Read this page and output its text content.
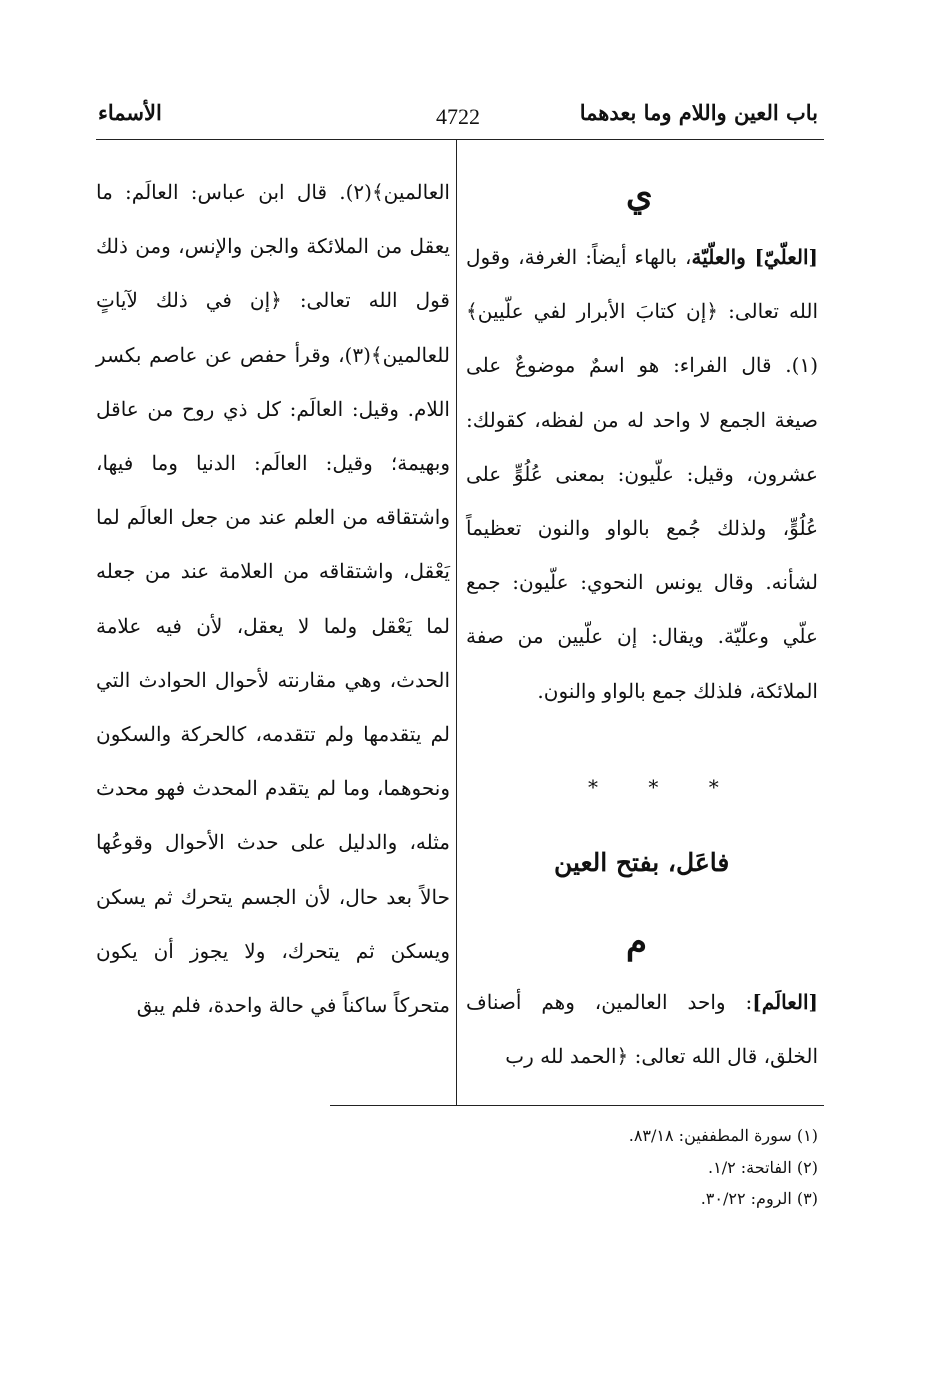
باب العين واللام وما بعدهما
4722
الأسماء
ي

[العلّيّ] والعلّيّة، بالهاء أيضاً: الغرفة، وقول الله تعالى: ﴿إن كتابَ الأبرار لفي علّيين﴾(١). قال الفراء: هو اسمٌ موضوعٌ على صيغة الجمع لا واحد له من لفظه، كقولك: عشرون، وقيل: علّيون: بمعنى عُلُوٍّ على عُلُوٍّ، ولذلك جُمع بالواو والنون تعظيماً لشأنه. وقال يونس النحوي: علّيون: جمع علّي وعلّيّة. ويقال: إن علّيين من صفة الملائكة، فلذلك جمع بالواو والنون.

* * *
فاعَل، بفتح العين
م

[العالَم]: واحد العالمين، وهم أصناف الخلق، قال الله تعالى: ﴿الحمد لله رب

العالمين﴾(٢). قال ابن عباس: العالَم: ما يعقل من الملائكة والجن والإنس، ومن ذلك قول الله تعالى: ﴿إن في ذلك لآياتٍ للعالمين﴾(٣)، وقرأ حفص عن عاصم بكسر اللام. وقيل: العالَم: كل ذي روح من عاقل وبهيمة؛ وقيل: العالَم: الدنيا وما فيها، واشتقاقه من العلم عند من جعل العالَم لما يَعْقل، واشتقاقه من العلامة عند من جعله لما يَعْقل ولما لا يعقل، لأن فيه علامة الحدث، وهي مقارنته لأحوال الحوادث التي لم يتقدمها ولم تتقدمه، كالحركة والسكون ونحوهما، وما لم يتقدم المحدث فهو محدث مثله، والدليل على حدث الأحوال وقوعُها حالاً بعد حال، لأن الجسم يتحرك ثم يسكن ويسكن ثم يتحرك، ولا يجوز أن يكون متحركاً ساكناً في حالة واحدة، فلم يبق

(١) سورة المطففين: ٨٣/١٨.
(٢) الفاتحة: ١/٢.
(٣) الروم: ٣٠/٢٢.
